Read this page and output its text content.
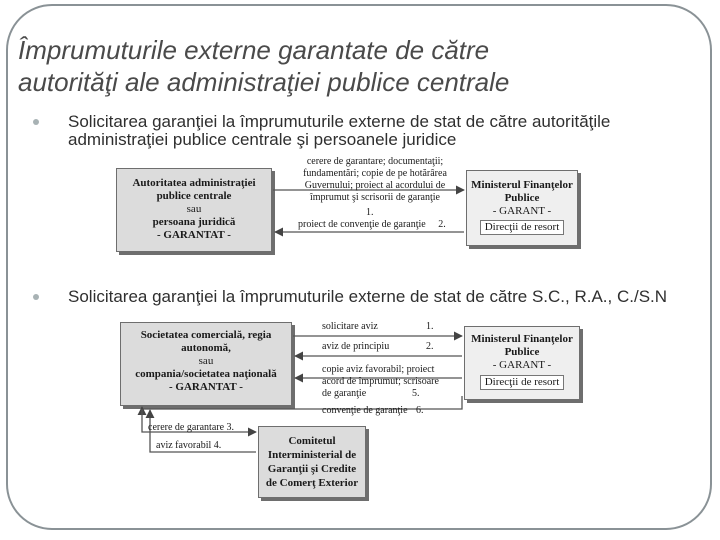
Împrumuturile externe garantate de către
autorităţi ale administraţiei publice centrale
Solicitarea garanţiei la împrumuturile externe de stat de către autorităţile
administraţiei publice centrale şi persoanele juridice
Autoritatea administraţiei
publice centrale
sau
persoana juridică
- GARANTAT -
Ministerul Finanţelor
Publice
- GARANT -
Direcţii de resort
cerere de garantare; documentaţii;
fundamentări; copie de pe hotărârea
Guvernului; proiect al acordului de
împrumut şi scrisorii de garanţie
1.
proiect de convenţie de garanţie 2.
Solicitarea garanţiei la împrumuturile externe de stat de către S.C., R.A., C./S.N
Societatea comercială, regia
autonomă,
sau
compania/societatea naţională
- GARANTAT -
Ministerul Finanţelor
Publice
- GARANT -
Direcţii de resort
Comitetul
Interministerial de
Garanţii şi Credite
de Comerţ Exterior
solicitare aviz	1.
aviz de principiu	2.
copie aviz favorabil; proiect
acord de împrumut; scrisoare
de garanţie	5.
convenţie de garanţie 6.
cerere de garantare 3.
aviz favorabil 4.
